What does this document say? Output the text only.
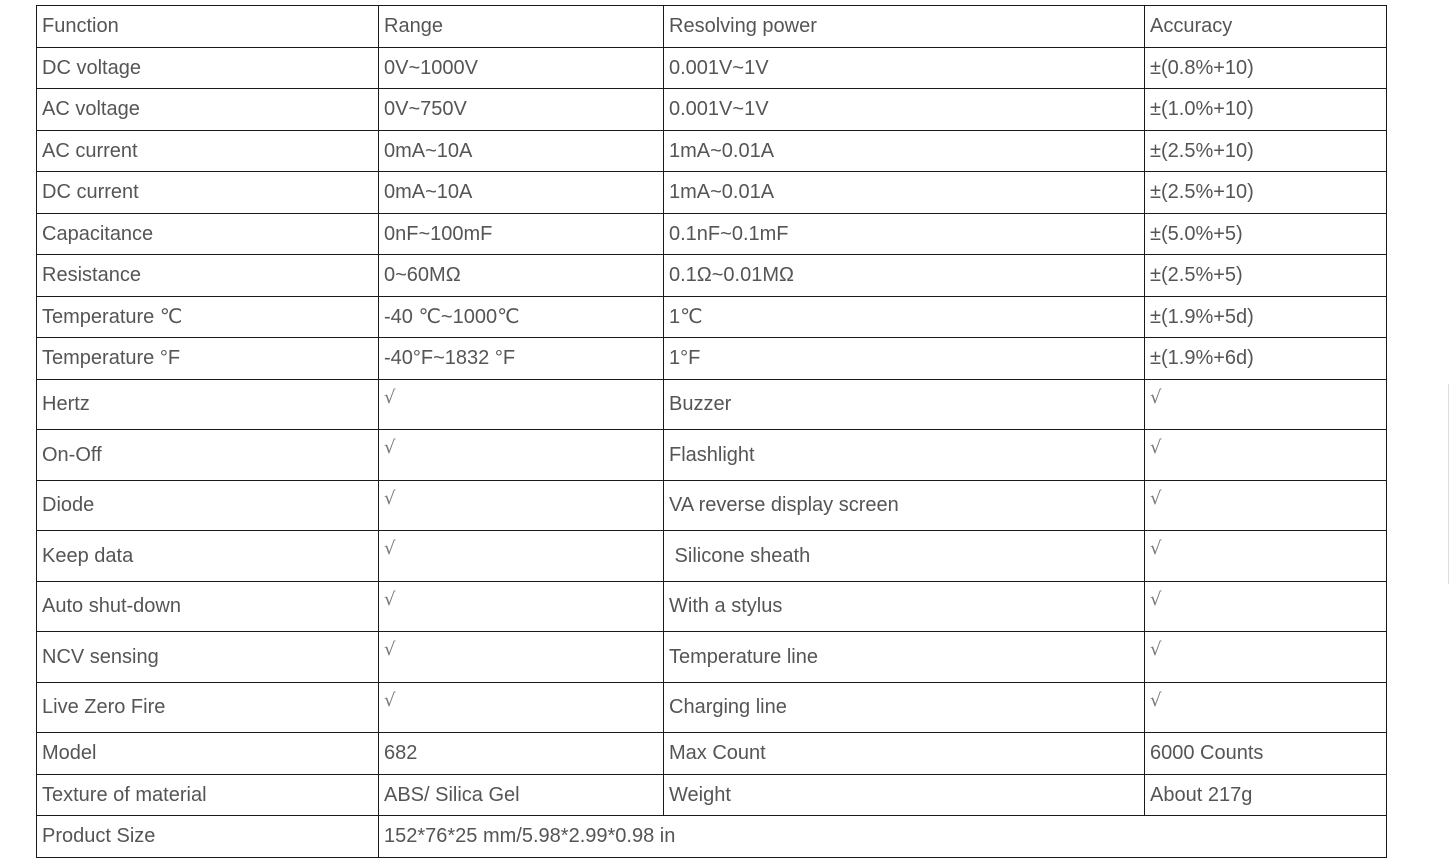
Function	Range	Resolving power	Accuracy
DC voltage	0V~1000V	0.001V~1V	±(0.8%+10)
AC voltage	0V~750V	0.001V~1V	±(1.0%+10)
AC current	0mA~10A	1mA~0.01A	±(2.5%+10)
DC current	0mA~10A	1mA~0.01A	±(2.5%+10)
Capacitance	0nF~100mF	0.1nF~0.1mF	±(5.0%+5)
Resistance	0~60MΩ	0.1Ω~0.01MΩ	±(2.5%+5)
Temperature ℃	-40 ℃~1000℃	1℃	±(1.9%+5d)
Temperature °F	-40°F~1832 °F	1°F	±(1.9%+6d)
Hertz	√	Buzzer	√
On-Off	√	Flashlight	√
Diode	√	VA reverse display screen	√
Keep data	√	Silicone sheath	√
Auto shut-down	√	With a stylus	√
NCV sensing	√	Temperature line	√
Live Zero Fire	√	Charging line	√
Model	682	Max Count	6000 Counts
Texture of material	ABS/ Silica Gel	Weight	About 217g
Product Size	152*76*25 mm/5.98*2.99*0.98 in		
